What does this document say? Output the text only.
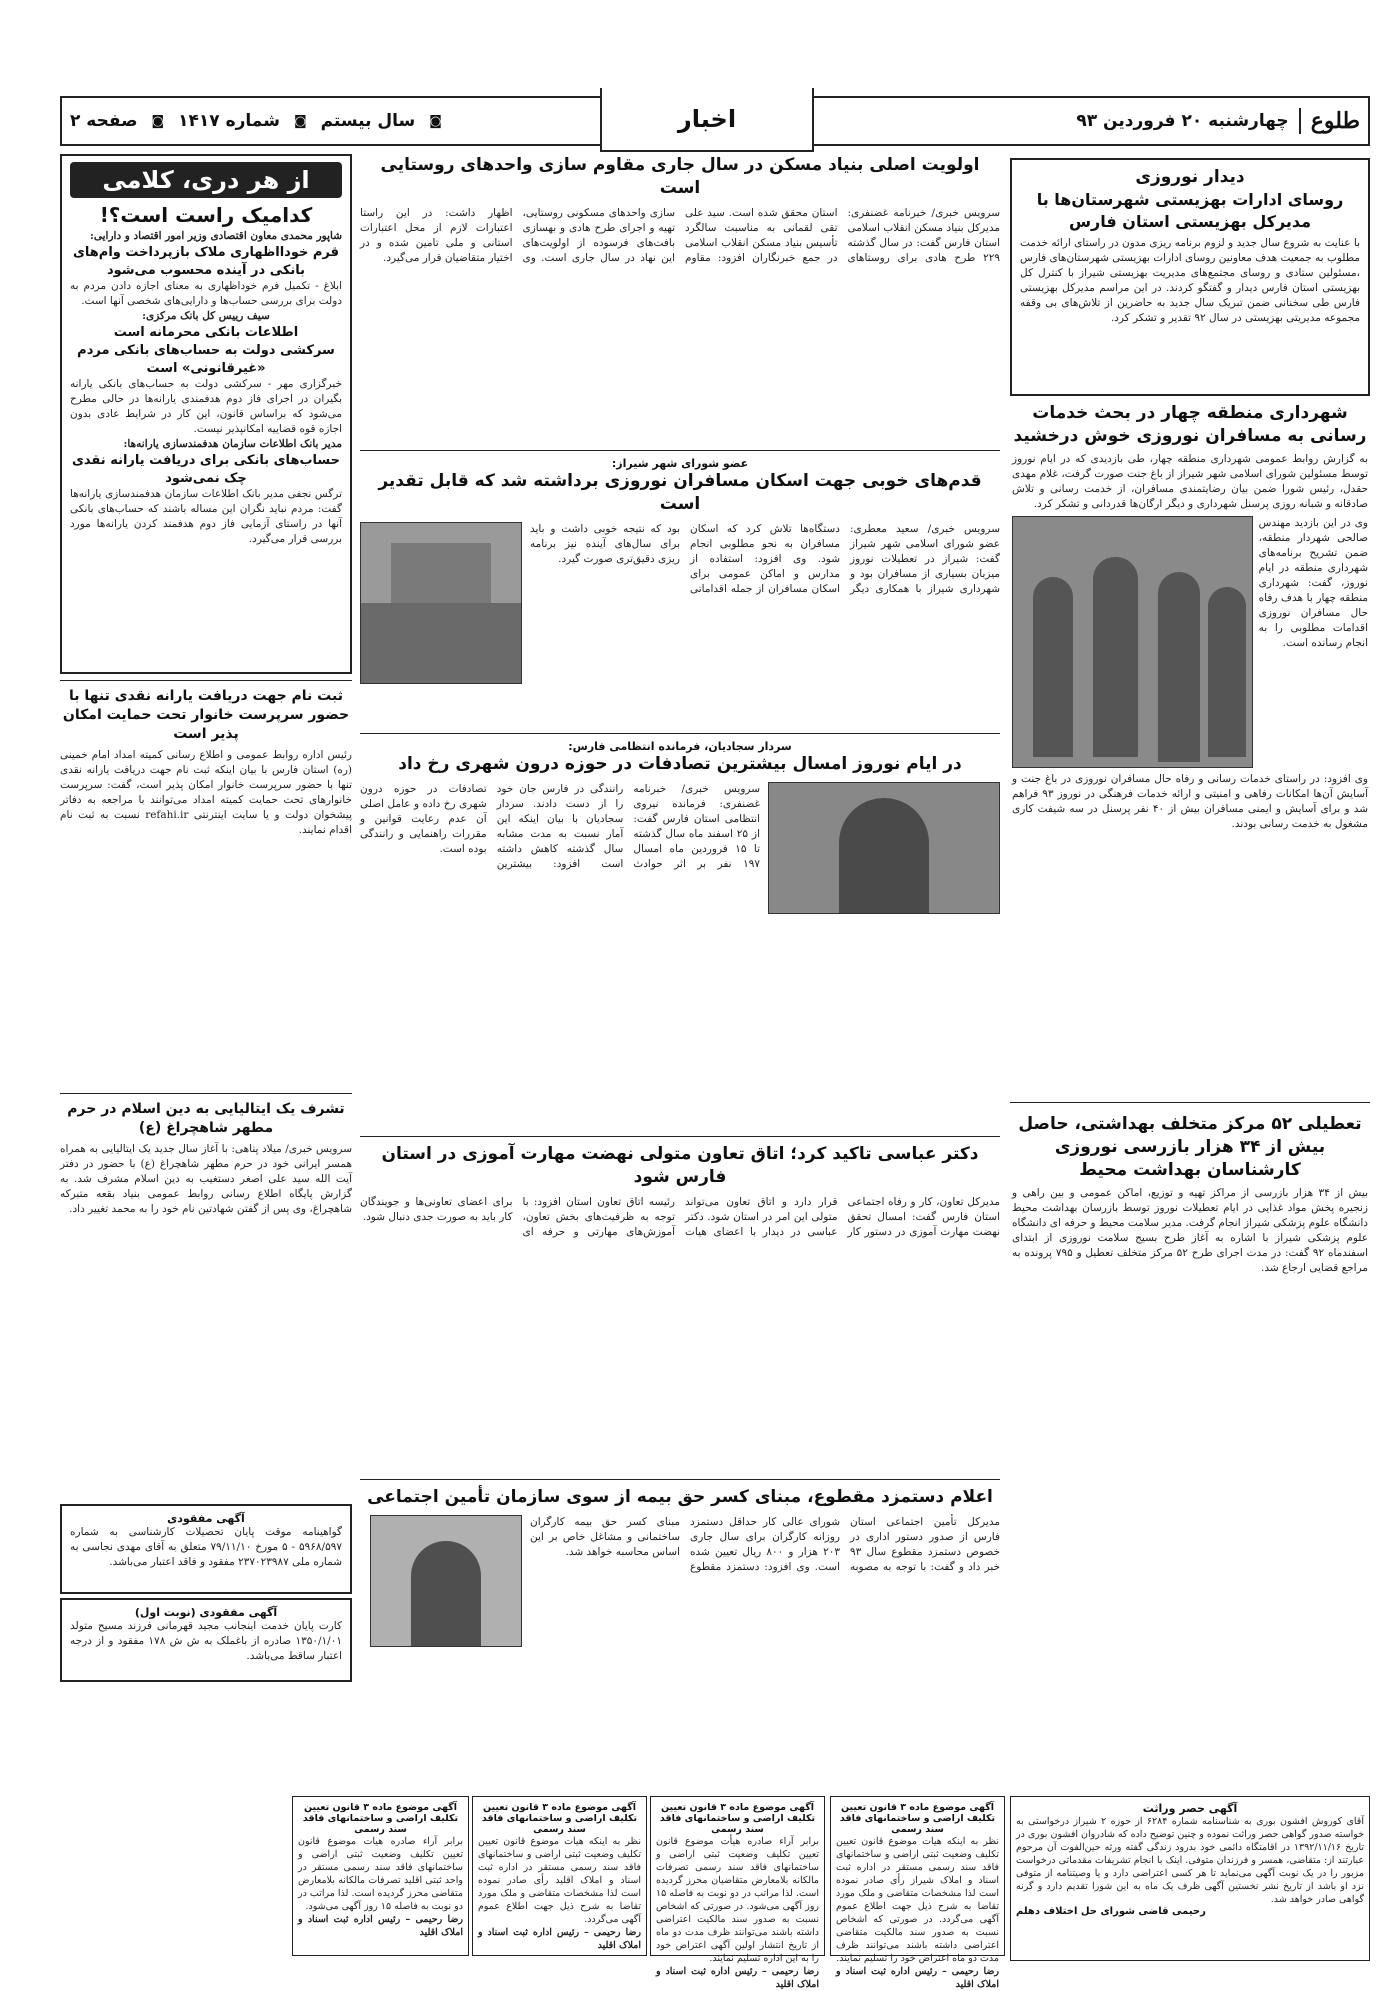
طلوع
چهارشنبه ۲۰ فروردین ۹۳
◙
سال بیستم
◙
شماره ۱۴۱۷
◙
صفحه ۲	اخبار
دیدار نوروزی
روسای ادارات بهزیستی شهرستان‌ها با مدیرکل بهزیستی استان فارس
با عنایت به شروع سال جدید و لزوم برنامه ریزی مدون در راستای ارائه خدمت مطلوب به جمعیت هدف معاونین روسای ادارات بهزیستی شهرستان‌های فارس ،مسئولین ستادی و روسای مجتمع‌های مدیریت بهزیستی شیراز با کنترل کل بهزیستی استان فارس دیدار و گفتگو کردند. در این مراسم مدیرکل بهزیستی فارس طی سخنانی ضمن تبریک سال جدید به حاضرین از تلاش‌های بی وقفه مجموعه مدیریتی بهزیستی در سال ۹۲ تقدیر و تشکر کرد.
شهرداری منطقه چهار در بحث خدمات رسانی به مسافران نوروزی خوش درخشید
به گزارش روابط عمومی شهرداری منطقه چهار، طی بازدیدی که در ایام نوروز توسط مسئولین شورای اسلامی شهر شیراز از باغ جنت صورت گرفت، غلام مهدی حقدل، رئیس شورا ضمن بیان رضایتمندی مسافران، از خدمت رسانی و تلاش صادقانه و شبانه روزی پرسنل شهرداری و دیگر ارگان‌ها قدردانی و تشکر کرد.
وی در این بازدید مهندس صالحی شهردار منطقه، ضمن تشریح برنامه‌های شهرداری منطقه در ایام نوروز، گفت: شهرداری منطقه چهار با هدف رفاه حال مسافران نوروزی اقدامات مطلوبی را به انجام رسانده است.
وی افزود: در راستای خدمات رسانی و رفاه حال مسافران نوروزی در باغ جنت و آسایش آن‌ها امکانات رفاهی و امنیتی و ارائه خدمات فرهنگی در نوروز ۹۳ فراهم شد و برای آسایش و ایمنی مسافران بیش از ۴۰ نفر پرسنل در سه شیفت کاری مشغول به خدمت رسانی بودند.
تعطیلی ۵۲ مرکز متخلف بهداشتی، حاصل بیش از ۳۴ هزار بازرسی نوروزی کارشناسان بهداشت محیط
بیش از ۳۴ هزار بازرسی از مراکز تهیه و توزیع، اماکن عمومی و بین راهی و زنجیره پخش مواد غذایی در ایام تعطیلات نوروز توسط بازرسان بهداشت محیط دانشگاه علوم پزشکی شیراز انجام گرفت. مدیر سلامت محیط و حرفه ای دانشگاه علوم پزشکی شیراز با اشاره به آغاز طرح بسیج سلامت نوروزی از ابتدای اسفندماه ۹۲ گفت: در مدت اجرای طرح ۵۲ مرکز متخلف تعطیل و ۷۹۵ پرونده به مراجع قضایی ارجاع شد.
آگهی حصر وراثت
آقای کوروش افشون بوری به شناسنامه شماره ۶۲۸۴ از حوزه ۲ شیراز درخواستی به خواسته صدور گواهی حصر وراثت نموده و چنین توضیح داده که شادروان افشون بوری در تاریخ ۱۳۹۲/۱۱/۱۶ در اقامتگاه دائمی خود بدرود زندگی گفته ورثه حین‌الفوت آن مرحوم عبارتند از: متقاضی، همسر و فرزندان متوفی. اینک با انجام تشریفات مقدماتی درخواست مزبور را در یک نوبت آگهی می‌نماید تا هر کسی اعتراضی دارد و یا وصیتنامه از متوفی نزد او باشد از تاریخ نشر نخستین آگهی ظرف یک ماه به این شورا تقدیم دارد و گرنه گواهی صادر خواهد شد.
رحیمی قاضی شورای حل اختلاف دهلم
اولویت اصلی بنیاد مسکن در سال جاری مقاوم سازی واحدهای روستایی است
سرویس خبری/ خبرنامه غضنفری: مدیرکل بنیاد مسکن انقلاب اسلامی استان فارس گفت: در سال گذشته ۲۲۹ طرح هادی برای روستاهای استان محقق شده است. سید علی تقی لقمانی به مناسبت سالگرد تأسیس بنیاد مسکن انقلاب اسلامی در جمع خبرنگاران افزود: مقاوم سازی واحدهای مسکونی روستایی، تهیه و اجرای طرح هادی و بهسازی بافت‌های فرسوده از اولویت‌های این نهاد در سال جاری است. وی اظهار داشت: در این راستا اعتبارات لازم از محل اعتبارات استانی و ملی تامین شده و در اختیار متقاضیان قرار می‌گیرد.
عضو شورای شهر شیراز:
قدم‌های خوبی جهت اسکان مسافران نوروزی برداشته شد که قابل تقدیر است
سرویس خبری/ سعید معطری: عضو شورای اسلامی شهر شیراز گفت: شیراز در تعطیلات نوروز میزبان بسیاری از مسافران بود و شهرداری شیراز با همکاری دیگر دستگاه‌ها تلاش کرد که اسکان مسافران به نحو مطلوبی انجام شود. وی افزود: استفاده از مدارس و اماکن عمومی برای اسکان مسافران از جمله اقداماتی بود که نتیجه خوبی داشت و باید برای سال‌های آینده نیز برنامه ریزی دقیق‌تری صورت گیرد.
سردار سجادیان، فرمانده انتظامی فارس:
در ایام نوروز امسال بیشترین تصادفات در حوزه درون شهری رخ داد
سرویس خبری/ خبرنامه غضنفری: فرمانده نیروی انتظامی استان فارس گفت: از ۲۵ اسفند ماه سال گذشته تا ۱۵ فروردین ماه امسال ۱۹۷ نفر بر اثر حوادث رانندگی در فارس جان خود را از دست دادند. سردار سجادیان با بیان اینکه این آمار نسبت به مدت مشابه سال گذشته کاهش داشته است افزود: بیشترین تصادفات در حوزه درون شهری رخ داده و عامل اصلی آن عدم رعایت قوانین و مقررات راهنمایی و رانندگی بوده است.
دکتر عباسی تاکید کرد؛ اتاق تعاون متولی نهضت مهارت آموزی در استان فارس شود
مدیرکل تعاون، کار و رفاه اجتماعی استان فارس گفت: امسال تحقق نهضت مهارت آموزی در دستور کار قرار دارد و اتاق تعاون می‌تواند متولی این امر در استان شود. دکتر عباسی در دیدار با اعضای هیات رئیسه اتاق تعاون استان افزود: با توجه به ظرفیت‌های بخش تعاون، آموزش‌های مهارتی و حرفه ای برای اعضای تعاونی‌ها و جویندگان کار باید به صورت جدی دنبال شود.
اعلام دستمزد مقطوع، مبنای کسر حق بیمه از سوی سازمان تأمین اجتماعی
مدیرکل تأمین اجتماعی استان فارس از صدور دستور اداری در خصوص دستمزد مقطوع سال ۹۳ خبر داد و گفت: با توجه به مصوبه شورای عالی کار حداقل دستمزد روزانه کارگران برای سال جاری ۲۰۳ هزار و ۸۰۰ ریال تعیین شده است. وی افزود: دستمزد مقطوع مبنای کسر حق بیمه کارگران ساختمانی و مشاغل خاص بر این اساس محاسبه خواهد شد.
آگهی موضوع ماده ۳ قانون تعیین تکلیف اراضی و ساختمانهای فاقد سند رسمی
نظر به اینکه هیات موضوع قانون تعیین تکلیف وضعیت ثبتی اراضی و ساختمانهای فاقد سند رسمی مستقر در اداره ثبت اسناد و املاک شیراز رأی صادر نموده است لذا مشخصات متقاضی و ملک مورد تقاضا به شرح ذیل جهت اطلاع عموم آگهی می‌گردد. در صورتی که اشخاص نسبت به صدور سند مالکیت متقاضی اعتراضی داشته باشند می‌توانند ظرف مدت دو ماه اعتراض خود را تسلیم نمایند.
رضا رحیمی – رئیس اداره ثبت اسناد و املاک اقلید
آگهی موضوع ماده ۳ قانون تعیین تکلیف اراضی و ساختمانهای فاقد سند رسمی
برابر آراء صادره هیأت موضوع قانون تعیین تکلیف وضعیت ثبتی اراضی و ساختمانهای فاقد سند رسمی تصرفات مالکانه بلامعارض متقاضیان محرز گردیده است. لذا مراتب در دو نوبت به فاصله ۱۵ روز آگهی می‌شود. در صورتی که اشخاص نسبت به صدور سند مالکیت اعتراضی داشته باشند می‌توانند ظرف مدت دو ماه از تاریخ انتشار اولین آگهی اعتراض خود را به این اداره تسلیم نمایند.
رضا رحیمی – رئیس اداره ثبت اسناد و املاک اقلید
آگهی موضوع ماده ۳ قانون تعیین تکلیف اراضی و ساختمانهای فاقد سند رسمی
نظر به اینکه هیات موضوع قانون تعیین تکلیف وضعیت ثبتی اراضی و ساختمانهای فاقد سند رسمی مستقر در اداره ثبت اسناد و املاک اقلید رأی صادر نموده است لذا مشخصات متقاضی و ملک مورد تقاضا به شرح ذیل جهت اطلاع عموم آگهی می‌گردد.
رضا رحیمی – رئیس اداره ثبت اسناد و املاک اقلید
آگهی موضوع ماده ۳ قانون تعیین تکلیف اراضی و ساختمانهای فاقد سند رسمی
برابر آراء صادره هیات موضوع قانون تعیین تکلیف وضعیت ثبتی اراضی و ساختمانهای فاقد سند رسمی مستقر در واحد ثبتی اقلید تصرفات مالکانه بلامعارض متقاضی محرز گردیده است. لذا مراتب در دو نوبت به فاصله ۱۵ روز آگهی می‌شود.
رضا رحیمی – رئیس اداره ثبت اسناد و املاک اقلید
از هر دری، کلامی
کدامیک راست است؟!
شاپور محمدی معاون اقتصادی وزیر امور اقتصاد و دارایی:
قرم خودااظهاری ملاک بازپرداخت وام‌های بانکی در آینده محسوب می‌شود
ابلاغ - تکمیل فرم خوداظهاری به معنای اجازه دادن مردم به دولت برای بررسی حساب‌ها و دارایی‌های شخصی آنها است.
سیف رییس کل بانک مرکزی:
اطلاعات بانکی محرمانه است
سرکشی دولت به حساب‌های بانکی مردم «غیرقانونی» است
خبرگزاری مهر - سرکشی دولت به حساب‌های بانکی یارانه بگیران در اجرای فاز دوم هدفمندی یارانه‌ها در حالی مطرح می‌شود که براساس قانون، این کار در شرایط عادی بدون اجازه قوه قضاییه امکانپذیر نیست.
مدیر بانک اطلاعات سازمان هدفمندسازی یارانه‌ها:
حساب‌های بانکی برای دریافت یارانه نقدی چک نمی‌شود
ترگس نجفی مدیر بانک اطلاعات سازمان هدفمندسازی یارانه‌ها گفت: مردم نباید نگران این مساله باشند که حساب‌های بانکی آنها در راستای آزمایی فاز دوم هدفمند کردن یارانه‌ها مورد بررسی قرار می‌گیرد.
ثبت نام جهت دریافت یارانه نقدی تنها با حضور سرپرست خانوار تحت حمایت امکان پذیر است
رئیس اداره روابط عمومی و اطلاع رسانی کمیته امداد امام خمینی (ره) استان فارس با بیان اینکه ثبت نام جهت دریافت یارانه نقدی تنها با حضور سرپرست خانوار امکان پذیر است، گفت: سرپرست خانوارهای تحت حمایت کمیته امداد می‌توانند با مراجعه به دفاتر پیشخوان دولت و یا سایت اینترنتی refahi.ir نسبت به ثبت نام اقدام نمایند.
تشرف یک ایتالیایی به دین اسلام در حرم مطهر شاهچراغ (ع)
سرویس خبری/ میلاد پناهی: با آغاز سال جدید یک ایتالیایی به همراه همسر ایرانی خود در حرم مطهر شاهچراغ (ع) با حضور در دفتر آیت الله سید علی اصغر دستغیب به دین اسلام مشرف شد. به گزارش پایگاه اطلاع رسانی روابط عمومی بنیاد بقعه متبرکه شاهچراغ، وی پس از گفتن شهادتین نام خود را به محمد تغییر داد.
آگهی مفقودی
گواهینامه موقت پایان تحصیلات کارشناسی به شماره ۵۹۶۸/۵۹۷ - ۵ مورخ ۷۹/۱۱/۱۰ متعلق به آقای مهدی نجاسی به شماره ملی ۲۳۷۰۲۳۹۸۷ مفقود و فاقد اعتبار می‌باشد.
آگهی مفقودی (نوبت اول)
کارت پایان خدمت اینجانب مجید قهرمانی فرزند مسیح متولد ۱۳۵۰/۱/۰۱ صادره از باغملک به ش ش ۱۷۸ مفقود و از درجه اعتبار ساقط می‌باشد.
